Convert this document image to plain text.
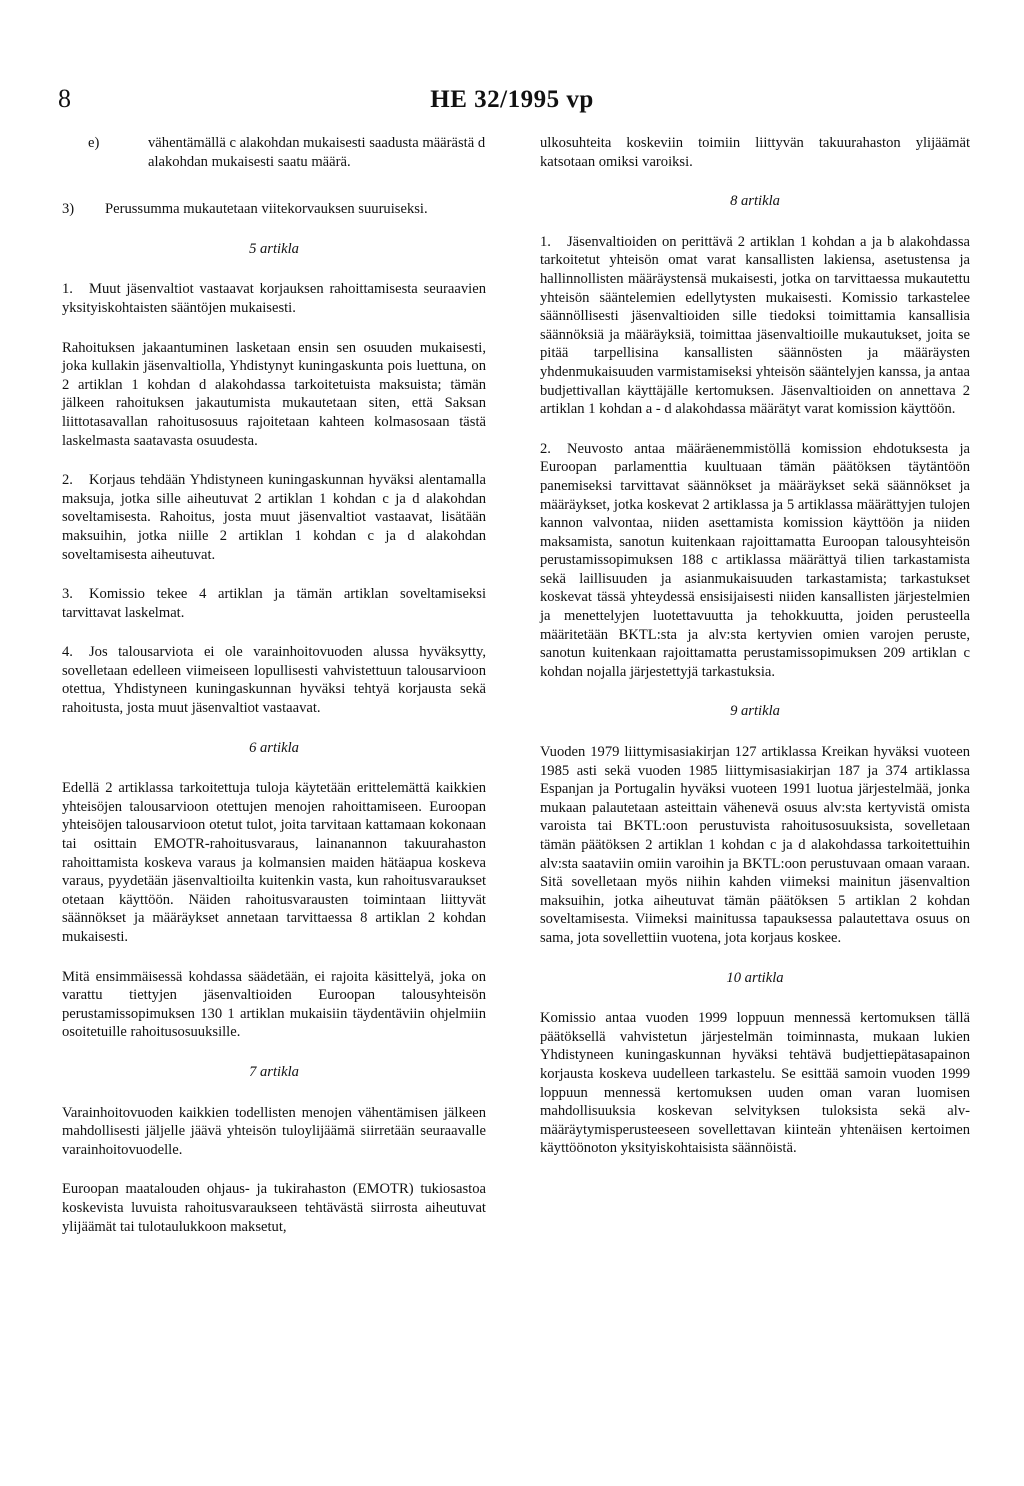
8	HE 32/1995 vp
e)	vähentämällä c alakohdan mukaisesti saadusta määrästä d alakohdan mukaisesti saatu määrä.
3)	Perussumma mukautetaan viitekorvauksen suuruiseksi.

5 artikla

1. Muut jäsenvaltiot vastaavat korjauksen rahoittamisesta seuraavien yksityiskohtaisten sääntöjen mukaisesti.

Rahoituksen jakaantuminen lasketaan ensin sen osuuden mukaisesti, joka kullakin jäsenvaltiolla, Yhdistynyt kuningaskunta pois luettuna, on 2 artiklan 1 kohdan d alakohdassa tarkoitetuista maksuista; tämän jälkeen rahoituksen jakautumista mukautetaan siten, että Saksan liittotasavallan rahoitusosuus rajoitetaan kahteen kolmasosaan tästä laskelmasta saatavasta osuudesta.

2. Korjaus tehdään Yhdistyneen kuningaskunnan hyväksi alentamalla maksuja, jotka sille aiheutuvat 2 artiklan 1 kohdan c ja d alakohdan soveltamisesta. Rahoitus, josta muut jäsenvaltiot vastaavat, lisätään maksuihin, jotka niille 2 artiklan 1 kohdan c ja d alakohdan soveltamisesta aiheutuvat.

3. Komissio tekee 4 artiklan ja tämän artiklan soveltamiseksi tarvittavat laskelmat.

4. Jos talousarviota ei ole varainhoitovuoden alussa hyväksytty, sovelletaan edelleen viimeiseen lopullisesti vahvistettuun talousarvioon otettua, Yhdistyneen kuningaskunnan hyväksi tehtyä korjausta sekä rahoitusta, josta muut jäsenvaltiot vastaavat.

6 artikla

Edellä 2 artiklassa tarkoitettuja tuloja käytetään erittelemättä kaikkien yhteisöjen talousarvioon otettujen menojen rahoittamiseen. Euroopan yhteisöjen talousarvioon otetut tulot, joita tarvitaan kattamaan kokonaan tai osittain EMOTR-rahoitusvaraus, lainanannon takuurahaston rahoittamista koskeva varaus ja kolmansien maiden hätäapua koskeva varaus, pyydetään jäsenvaltioilta kuitenkin vasta, kun rahoitusvaraukset otetaan käyttöön. Näiden rahoitusvarausten toimintaan liittyvät säännökset ja määräykset annetaan tarvittaessa 8 artiklan 2 kohdan mukaisesti.

Mitä ensimmäisessä kohdassa säädetään, ei rajoita käsittelyä, joka on varattu tiettyjen jäsenvaltioiden Euroopan talousyhteisön perustamissopimuksen 130 1 artiklan mukaisiin täydentäviin ohjelmiin osoitetuille rahoitusosuuksille.

7 artikla

Varainhoitovuoden kaikkien todellisten menojen vähentämisen jälkeen mahdollisesti jäljelle jäävä yhteisön tuloylijäämä siirretään seuraavalle varainhoitovuodelle.

Euroopan maatalouden ohjaus- ja tukirahaston (EMOTR) tukiosastoa koskevista luvuista rahoitusvaraukseen tehtävästä siirrosta aiheutuvat ylijäämät tai tulotaulukkoon maksetut,

ulkosuhteita koskeviin toimiin liittyvän takuurahaston ylijäämät katsotaan omiksi varoiksi.

8 artikla

1. Jäsenvaltioiden on perittävä 2 artiklan 1 kohdan a ja b alakohdassa tarkoitetut yhteisön omat varat kansallisten lakiensa, asetustensa ja hallinnollisten määräystensä mukaisesti, jotka on tarvittaessa mukautettu yhteisön sääntelemien edellytysten mukaisesti. Komissio tarkastelee säännöllisesti jäsenvaltioiden sille tiedoksi toimittamia kansallisia säännöksiä ja määräyksiä, toimittaa jäsenvaltioille mukautukset, joita se pitää tarpellisina kansallisten säännösten ja määräysten yhdenmukaisuuden varmistamiseksi yhteisön sääntelyjen kanssa, ja antaa budjettivallan käyttäjälle kertomuksen. Jäsenvaltioiden on annettava 2 artiklan 1 kohdan a - d alakohdassa määrätyt varat komission käyttöön.

2. Neuvosto antaa määräenemmistöllä komission ehdotuksesta ja Euroopan parlamenttia kuultuaan tämän päätöksen täytäntöön panemiseksi tarvittavat säännökset ja määräykset sekä säännökset ja määräykset, jotka koskevat 2 artiklassa ja 5 artiklassa määrättyjen tulojen kannon valvontaa, niiden asettamista komission käyttöön ja niiden maksamista, sanotun kuitenkaan rajoittamatta Euroopan talousyhteisön perustamissopimuksen 188 c artiklassa määrättyä tilien tarkastamista sekä laillisuuden ja asianmukaisuuden tarkastamista; tarkastukset koskevat tässä yhteydessä ensisijaisesti niiden kansallisten järjestelmien ja menettelyjen luotettavuutta ja tehokkuutta, joiden perusteella määritetään BKTL:sta ja alv:sta kertyvien omien varojen peruste, sanotun kuitenkaan rajoittamatta perustamissopimuksen 209 artiklan c kohdan nojalla järjestettyjä tarkastuksia.

9 artikla

Vuoden 1979 liittymisasiakirjan 127 artiklassa Kreikan hyväksi vuoteen 1985 asti sekä vuoden 1985 liittymisasiakirjan 187 ja 374 artiklassa Espanjan ja Portugalin hyväksi vuoteen 1991 luotua järjestelmää, jonka mukaan palautetaan asteittain vähenevä osuus alv:sta kertyvistä omista varoista tai BKTL:oon perustuvista rahoitusosuuksista, sovelletaan tämän päätöksen 2 artiklan 1 kohdan c ja d alakohdassa tarkoitettuihin alv:sta saataviin omiin varoihin ja BKTL:oon perustuvaan omaan varaan. Sitä sovelletaan myös niihin kahden viimeksi mainitun jäsenvaltion maksuihin, jotka aiheutuvat tämän päätöksen 5 artiklan 2 kohdan soveltamisesta. Viimeksi mainitussa tapauksessa palautettava osuus on sama, jota sovellettiin vuotena, jota korjaus koskee.

10 artikla

Komissio antaa vuoden 1999 loppuun mennessä kertomuksen tällä päätöksellä vahvistetun järjestelmän toiminnasta, mukaan lukien Yhdistyneen kuningaskunnan hyväksi tehtävä budjettiepätasapainon korjausta koskeva uudelleen tarkastelu. Se esittää samoin vuoden 1999 loppuun mennessä kertomuksen uuden oman varan luomisen mahdollisuuksia koskevan selvityksen tuloksista sekä alv-määräytymisperusteeseen sovellettavan kiinteän yhtenäisen kertoimen käyttöönoton yksityiskohtaisista säännöistä.
